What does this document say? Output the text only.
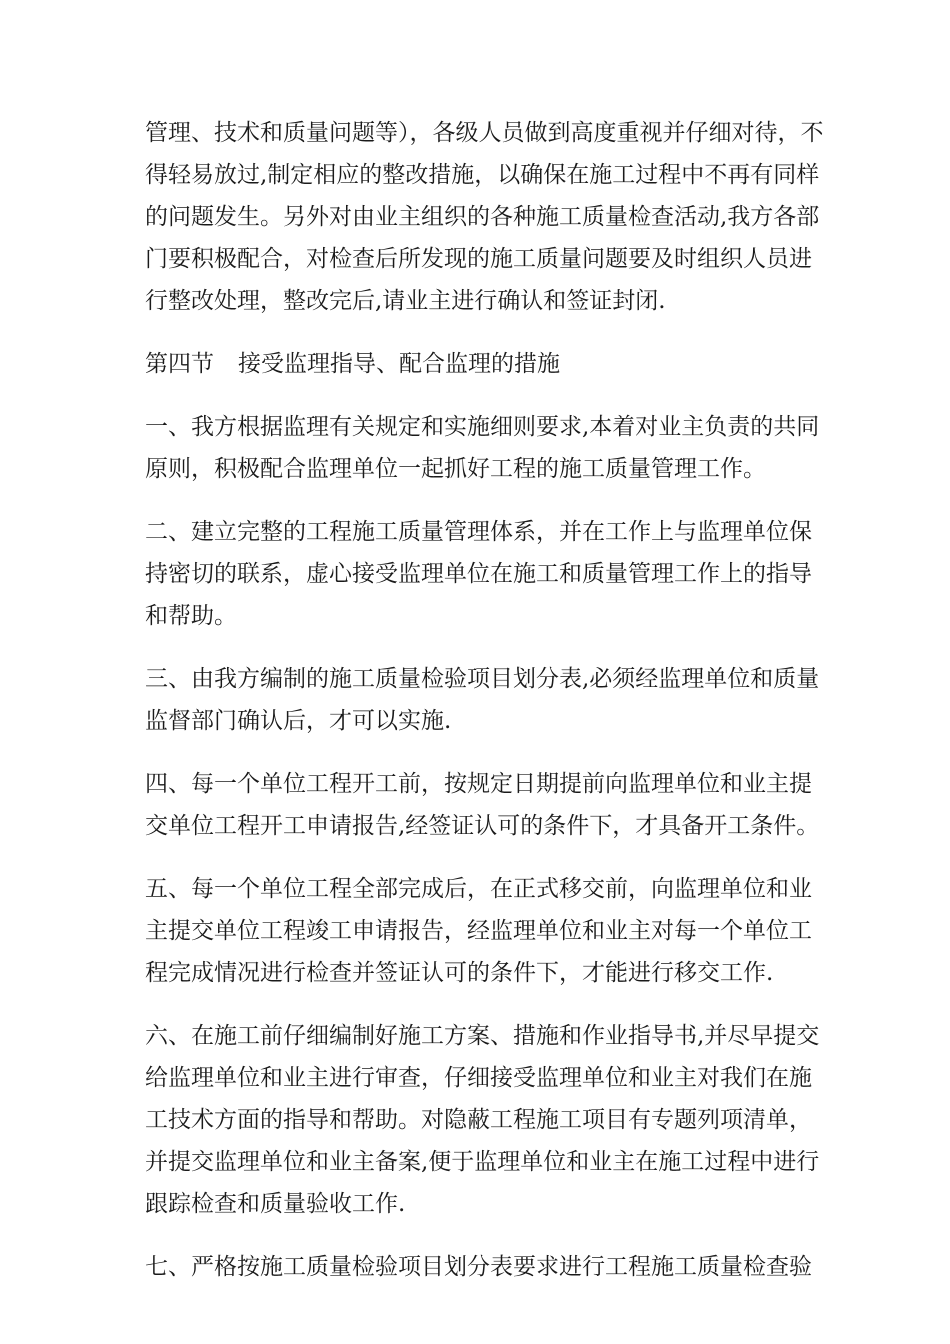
管理、技术和质量问题等），各级人员做到高度重视并仔细对待，不
得轻易放过,制定相应的整改措施，以确保在施工过程中不再有同样
的问题发生。另外对由业主组织的各种施工质量检查活动,我方各部
门要积极配合，对检查后所发现的施工质量问题要及时组织人员进
行整改处理，整改完后,请业主进行确认和签证封闭.
第四节 接受监理指导、配合监理的措施
一、我方根据监理有关规定和实施细则要求,本着对业主负责的共同
原则，积极配合监理单位一起抓好工程的施工质量管理工作。
二、建立完整的工程施工质量管理体系，并在工作上与监理单位保
持密切的联系，虚心接受监理单位在施工和质量管理工作上的指导
和帮助。
三、由我方编制的施工质量检验项目划分表,必须经监理单位和质量
监督部门确认后，才可以实施.
四、每一个单位工程开工前，按规定日期提前向监理单位和业主提
交单位工程开工申请报告,经签证认可的条件下，才具备开工条件。
五、每一个单位工程全部完成后，在正式移交前，向监理单位和业
主提交单位工程竣工申请报告，经监理单位和业主对每一个单位工
程完成情况进行检查并签证认可的条件下，才能进行移交工作.
六、在施工前仔细编制好施工方案、措施和作业指导书,并尽早提交
给监理单位和业主进行审查，仔细接受监理单位和业主对我们在施
工技术方面的指导和帮助。对隐蔽工程施工项目有专题列项清单，
并提交监理单位和业主备案,便于监理单位和业主在施工过程中进行
跟踪检查和质量验收工作.
七、严格按施工质量检验项目划分表要求进行工程施工质量检查验
